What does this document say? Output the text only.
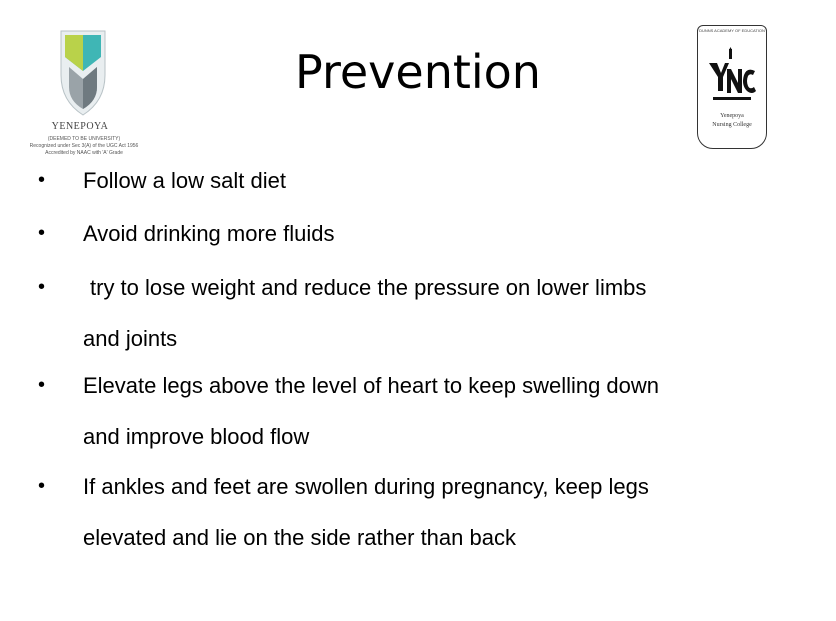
YENEPOYA
(DEEMED TO BE UNIVERSITY)
Recognized under Sec 3(A) of the UGC Act 1956
Accredited by NAAC with 'A' Grade
Prevention
DUNNS ACADEMY OF EDUCATION
Yenepoya
Nursing College
•	Follow a low salt diet
•	Avoid drinking more fluids
•	try to lose weight and reduce the pressure on lower limbs
and joints
•	Elevate legs above the level of heart to keep swelling down
and improve blood flow
•	If ankles and feet are swollen during pregnancy, keep legs
elevated and lie on the side rather than back
